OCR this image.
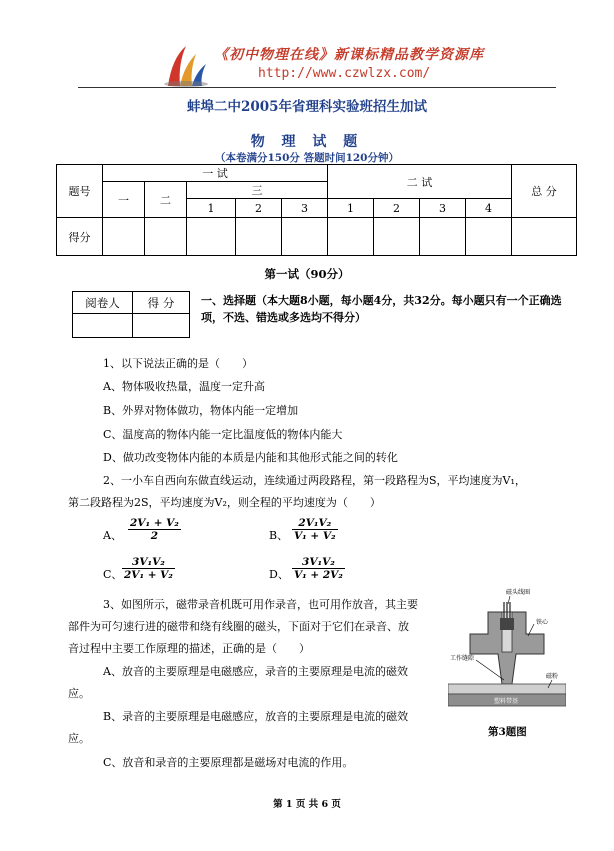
《初中物理在线》新课标精品教学资源库
http://www.czwlzx.com/
蚌埠二中2005年省理科实验班招生加试
物 理 试 题
（本卷满分150分 答题时间120分钟）
题号	一 试					二 试				总 分
	一	二	三							
			1	2	3	1	2	3	4	
得分										
第一试（90分）
阅卷人	得 分
	一、选择题（本大题8小题，每小题4分，共32分。每小题只有一个正确选项，不选、错选或多选均不得分）
1、以下说法正确的是（　　）
A、物体吸收热量，温度一定升高
B、外界对物体做功，物体内能一定增加
C、温度高的物体内能一定比温度低的物体内能大
D、做功改变物体内能的本质是内能和其他形式能之间的转化
2、一小车自西向东做直线运动，连续通过两段路程，第一段路程为S，平均速度为V₁，
第二段路程为2S，平均速度为V₂，则全程的平均速度为（　　）
A、 $\frac{\text{2V₁ + V₂}}{2}$	B、 $\frac{\text{2V₁V₂}}{\text{V₁ + V₂}}$
C、 $\frac{\text{3V₁V₂}}{\text{2V₁ + V₂}}$	D、 $\frac{\text{3V₁V₂}}{\text{V₁ + 2V₂}}$
3、如图所示，磁带录音机既可用作录音，也可用作放音，其主要
部件为可匀速行进的磁带和绕有线圈的磁头，下面对于它们在录音、放
音过程中主要工作原理的描述，正确的是（　　）
A、放音的主要原理是电磁感应，录音的主要原理是电流的磁效
应。
B、录音的主要原理是电磁感应，放音的主要原理是电流的磁效
应。
C、放音和录音的主要原理都是磁场对电流的作用。
磁头线圈
铁心
工作缝隙
磁粉
塑料带基
第3题图
第 1 页 共 6 页
